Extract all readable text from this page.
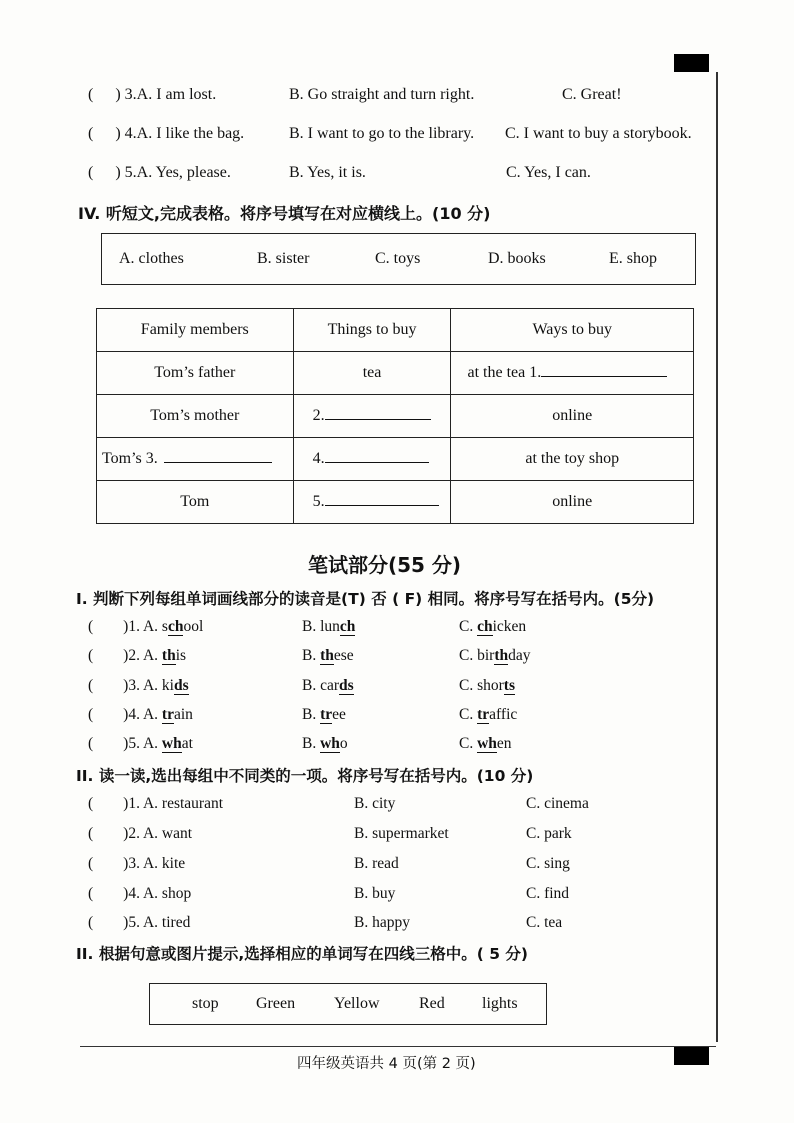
( ) 3.A. I am lost.	B. Go straight and turn right.	C. Great!
( ) 4.A. I like the bag.	B. I want to go to the library. C. I want to buy a storybook.
( ) 5.A. Yes, please.	B. Yes, it is.	C. Yes, I can.
IV. 听短文,完成表格。将序号填写在对应横线上。(10 分)
A. clothes	B. sister	C. toys	D. books	E. shop
Family members	Things to buy	Ways to buy
Tom’s father	tea	at the tea 1.
Tom’s mother	2.	online
Tom’s 3.	4.	at the toy shop
Tom	5.	online
笔试部分(55 分)
I. 判断下列每组单词画线部分的读音是(T) 否 ( F) 相同。将序号写在括号内。(5分)
( )1. A. school	B. lunch	C. chicken
( )2. A. this	B. these	C. birthday
( )3. A. kids	B. cards	C. shorts
( )4. A. train	B. tree	C. traffic
( )5. A. what	B. who	C. when
II. 读一读,选出每组中不同类的一项。将序号写在括号内。(10 分)
( )1. A. restaurant	B. city	C. cinema
( )2. A. want	B. supermarket	C. park
( )3. A. kite	B. read	C. sing
( )4. A. shop	B. buy	C. find
( )5. A. tired	B. happy	C. tea
II. 根据句意或图片提示,选择相应的单词写在四线三格中。( 5 分)
stop Green Yellow Red lights
四年级英语共 4 页(第 2 页)
